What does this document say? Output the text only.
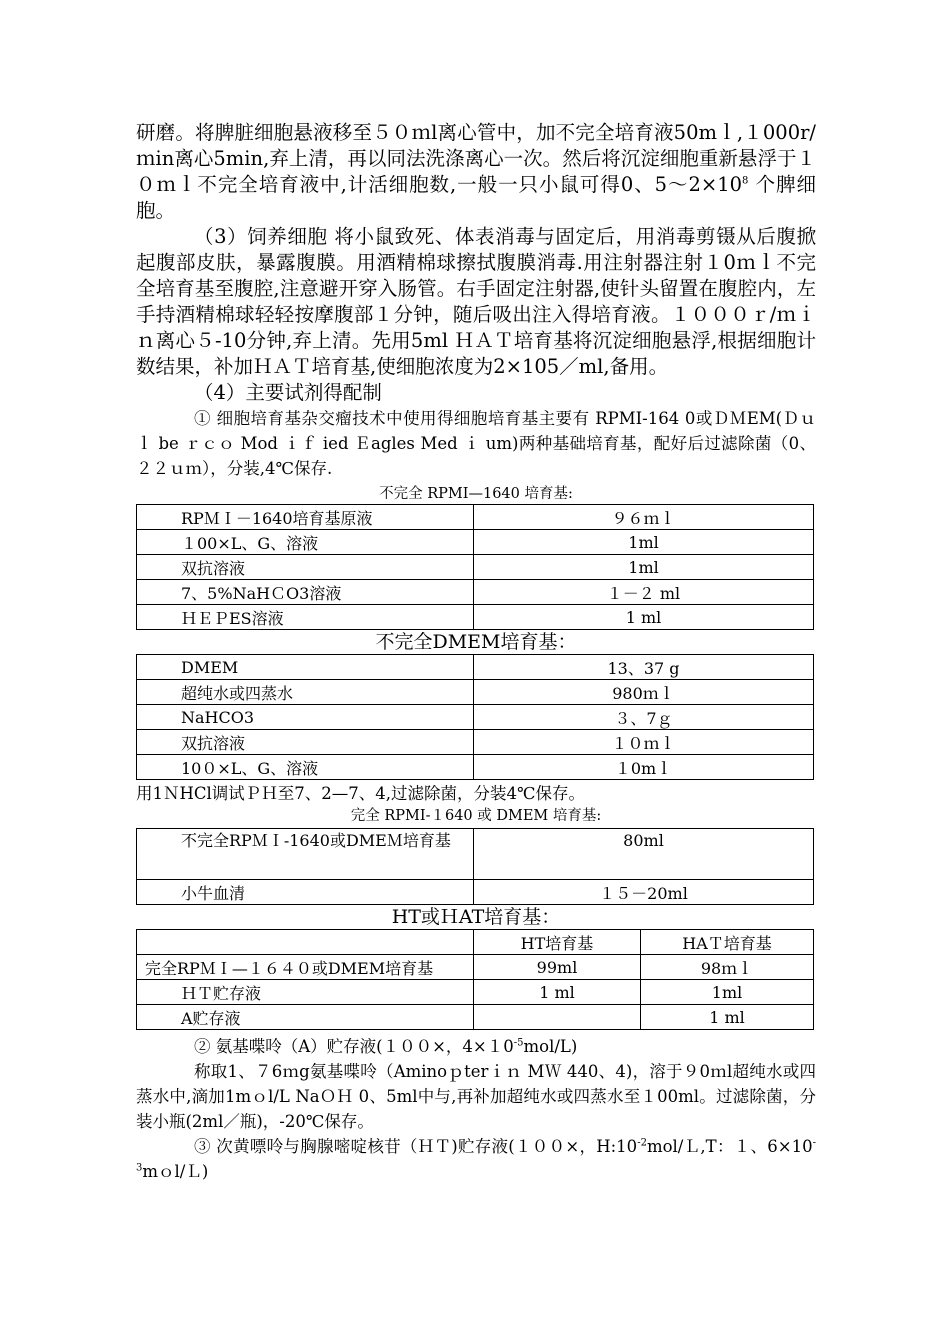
研磨。将脾脏细胞悬液移至５０ｍl离心管中，加不完全培育液50mｌ,１000r/ｍin离心5min,弃上清，再以同法洗涤离心一次。然后将沉淀细胞重新悬浮于１０ｍｌ不完全培育液中,计活细胞数,一般一只小鼠可得0、$5\sim 2\times 10^8$ 个脾细胞。

（3）饲养细胞 将小鼠致死、体表消毒与固定后，用消毒剪镊从后腹掀起腹部皮肤，暴露腹膜。用酒精棉球擦拭腹膜消毒.用注射器注射１0ｍｌ不完全培育基至腹腔,注意避开穿入肠管。右手固定注射器,使针头留置在腹腔内，左手持酒精棉球轻轻按摩腹部１分钟，随后吸出注入得培育液。１０００ｒ/ｍｉｎ离心５-10分钟,弃上清。先用5ml ＨＡＴ培育基将沉淀细胞悬浮,根据细胞计数结果，补加ＨＡＴ培育基,使细胞浓度为2×105／ml,备用。

（4）主要试剂得配制

① 细胞培育基杂交瘤技术中使用得细胞培育基主要有 RPMI-164 0或ＤＭEM(Ｄｕｌ be ｒｃｏ Mod ｉｆ ied Ｅagles Med ｉ um)两种基础培育基，配好后过滤除菌（0、２２ｕｍ），分装,4℃保存.

不完全 RPMI—1640 培育基:

RPＭＩ－1640培育基原液	９６ｍｌ
１00×L、G、溶液	1ml
双抗溶液	1ml
7、5%NaHＣO3溶液	１－２ ml
ＨＥＰES溶液	1 ml

不完全DMEM培育基：

DMEM	13、37 g
超纯水或四蒸水	980ｍｌ
NaHCO3	３、7ｇ
双抗溶液	１０ｍｌ
10０×L、G、溶液	１0mｌ

用1ＮHCl调试ＰＨ至7、2—7、4,过滤除菌，分装4℃保存。

完全 RPMI-１640 或 DMEM 培育基:

不完全RPＭＩ-1640或DMEＭ培育基	80ml
小牛血清	１５－20ml

HT或ＨAT培育基：

	HT培育基	HAＴ培育基
完全RPＭＩ—１６４０或DMEM培育基	99ml	98ｍｌ
ＨＴ贮存液	1 ml	1ml
A贮存液		1 ml

② 氨基喋呤（A）贮存液(１００×，$4\times 10^{-5}mol/L$)

称取1、７6ｍg氨基喋呤（Aminoｐterｉｎ MＷ 440、4)，溶于９0ｍl超纯水或四蒸水中,滴加1mｏl/L NaＯＨ 0、5ml中与,再补加超纯水或四蒸水至１00ml。过滤除菌，分装小瓶(2ml／瓶)，-20℃保存。

③ 次黄嘌呤与胸腺嘧啶核苷（ＨＴ)贮存液(１００×，$H:10^{-2}mol/L,T$：１、$6\times 10^{-3}mol/L$)
